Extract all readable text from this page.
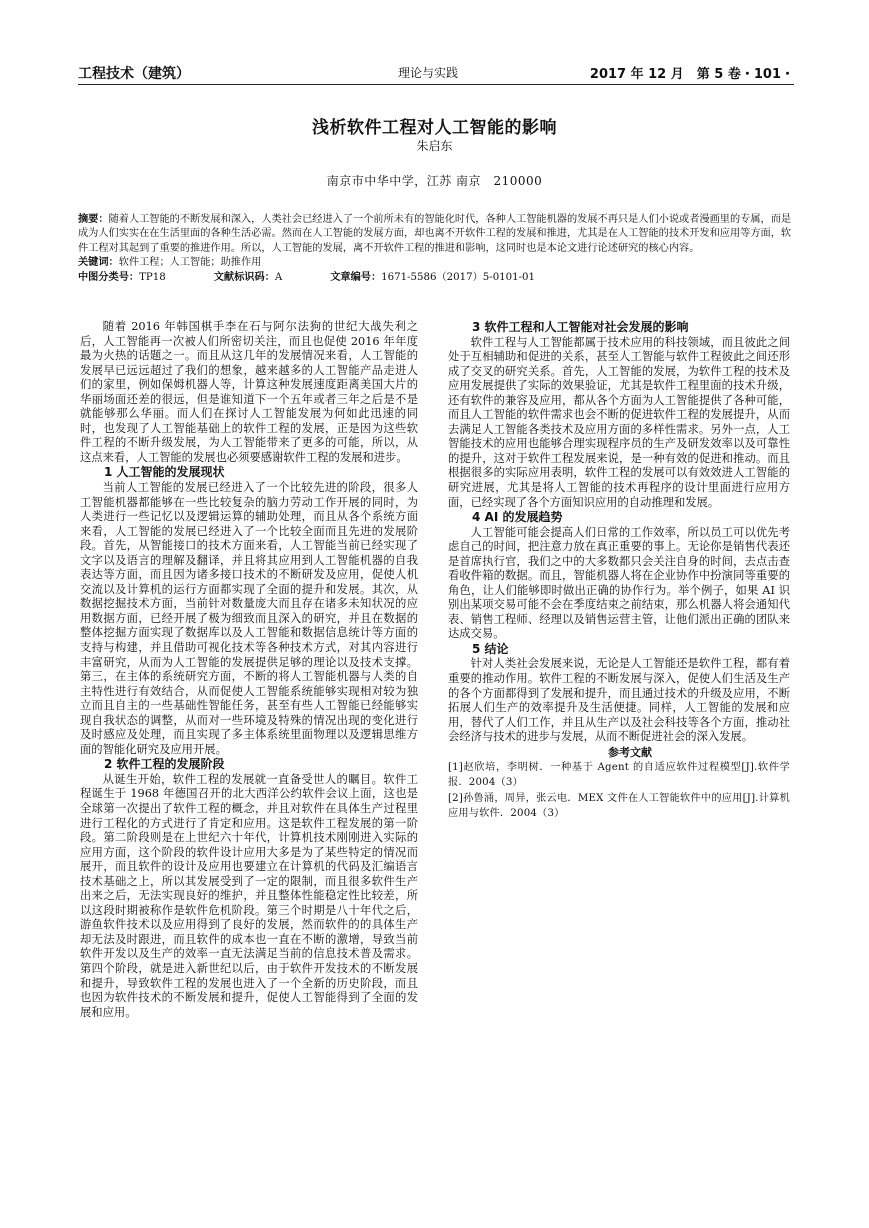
工程技术（建筑）	理论与实践	2017 年 12 月　第 5 卷・101・
浅析软件工程对人工智能的影响
朱启东
南京市中华中学，江苏 南京　210000

摘要：随着人工智能的不断发展和深入，人类社会已经进入了一个前所未有的智能化时代，各种人工智能机器的发展不再只是人们小说或者漫画里的专属，而是成为人们实实在在生活里面的各种生活必需。然而在人工智能的发展方面，却也离不开软件工程的发展和推进，尤其是在人工智能的技术开发和应用等方面，软件工程对其起到了重要的推进作用。所以，人工智能的发展，离不开软件工程的推进和影响，这同时也是本论文进行论述研究的核心内容。

关键词：软件工程；人工智能；助推作用

中图分类号：TP18	文献标识码：A	文章编号：1671-5586（2017）5-0101-01

随着 2016 年韩国棋手李在石与阿尔法狗的世纪大战失利之后，人工智能再一次被人们所密切关注，而且也促使 2016 年年度最为火热的话题之一。而且从这几年的发展情况来看，人工智能的发展早已远远超过了我们的想象，越来越多的人工智能产品走进人们的家里，例如保姆机器人等，计算这种发展速度距离美国大片的华丽场面还差的很远，但是谁知道下一个五年或者三年之后是不是就能够那么华丽。而人们在探讨人工智能发展为何如此迅速的同时，也发现了人工智能基础上的软件工程的发展，正是因为这些软件工程的不断升级发展，为人工智能带来了更多的可能，所以，从这点来看，人工智能的发展也必须要感谢软件工程的发展和进步。

1 人工智能的发展现状

当前人工智能的发展已经进入了一个比较先进的阶段，很多人工智能机器都能够在一些比较复杂的脑力劳动工作开展的同时，为人类进行一些记忆以及逻辑运算的辅助处理，而且从各个系统方面来看，人工智能的发展已经进入了一个比较全面而且先进的发展阶段。首先，从智能接口的技术方面来看，人工智能当前已经实现了文字以及语言的理解及翻译，并且将其应用到人工智能机器的自我表达等方面，而且因为诸多接口技术的不断研发及应用，促使人机交流以及计算机的运行方面都实现了全面的提升和发展。其次，从数据挖掘技术方面，当前针对数量庞大而且存在诸多未知状况的应用数据方面，已经开展了极为细致而且深入的研究，并且在数据的整体挖掘方面实现了数据库以及人工智能和数据信息统计等方面的支持与构建，并且借助可视化技术等各种技术方式，对其内容进行丰富研究，从而为人工智能的发展提供足够的理论以及技术支撑。第三，在主体的系统研究方面，不断的将人工智能机器与人类的自主特性进行有效结合，从而促使人工智能系统能够实现相对较为独立而且自主的一些基础性智能任务，甚至有些人工智能已经能够实现自我状态的调整，从而对一些环境及特殊的情况出现的变化进行及时感应及处理，而且实现了多主体系统里面物理以及逻辑思维方面的智能化研究及应用开展。

2 软件工程的发展阶段

从诞生开始，软件工程的发展就一直备受世人的瞩目。软件工程诞生于 1968 年德国召开的北大西洋公约软件会议上面，这也是全球第一次提出了软件工程的概念，并且对软件在具体生产过程里进行工程化的方式进行了肯定和应用。这是软件工程发展的第一阶段。第二阶段则是在上世纪六十年代，计算机技术刚刚进入实际的应用方面，这个阶段的软件设计应用大多是为了某些特定的情况而展开，而且软件的设计及应用也要建立在计算机的代码及汇编语言技术基础之上，所以其发展受到了一定的限制，而且很多软件生产出来之后，无法实现良好的维护，并且整体性能稳定性比较差，所以这段时期被称作是软件危机阶段。第三个时期是八十年代之后，游鱼软件技术以及应用得到了良好的发展，然而软件的的具体生产却无法及时跟进，而且软件的成本也一直在不断的激增，导致当前软件开发以及生产的效率一直无法满足当前的信息技术普及需求。第四个阶段，就是进入新世纪以后，由于软件开发技术的不断发展和提升，导致软件工程的发展也进入了一个全新的历史阶段，而且也因为软件技术的不断发展和提升，促使人工智能得到了全面的发展和应用。

3 软件工程和人工智能对社会发展的影响

软件工程与人工智能都属于技术应用的科技领域，而且彼此之间处于互相辅助和促进的关系，甚至人工智能与软件工程彼此之间还形成了交叉的研究关系。首先，人工智能的发展，为软件工程的技术及应用发展提供了实际的效果验证，尤其是软件工程里面的技术升级，还有软件的兼容及应用，都从各个方面为人工智能提供了各种可能，而且人工智能的软件需求也会不断的促进软件工程的发展提升，从而去满足人工智能各类技术及应用方面的多样性需求。另外一点，人工智能技术的应用也能够合理实现程序员的生产及研发效率以及可靠性的提升，这对于软件工程发展来说，是一种有效的促进和推动。而且根据很多的实际应用表明，软件工程的发展可以有效效进人工智能的研究进展，尤其是将人工智能的技术再程序的设计里面进行应用方面，已经实现了各个方面知识应用的自动推理和发展。

4 AI 的发展趋势

人工智能可能会提高人们日常的工作效率，所以员工可以优先考虑自己的时间，把注意力放在真正重要的事上。无论你是销售代表还是首席执行官，我们之中的大多数都只会关注自身的时间，去点击查看收件箱的数据。而且，智能机器人将在企业协作中扮演同等重要的角色，让人们能够即时做出正确的协作行为。举个例子，如果 AI 识别出某项交易可能不会在季度结束之前结束，那么机器人将会通知代表、销售工程师、经理以及销售运营主管，让他们派出正确的团队来达成交易。

5 结论

针对人类社会发展来说，无论是人工智能还是软件工程，都有着重要的推动作用。软件工程的不断发展与深入，促使人们生活及生产的各个方面都得到了发展和提升，而且通过技术的升级及应用，不断拓展人们生产的效率提升及生活便捷。同样，人工智能的发展和应用，替代了人们工作，并且从生产以及社会科技等各个方面，推动社会经济与技术的进步与发展，从而不断促进社会的深入发展。

参考文献

[1]赵欣培，李明树．一种基于 Agent 的自适应软件过程模型[J].软件学报．2004（3）

[2]孙鲁涌，周异，张云电．MEX 文件在人工智能软件中的应用[J].计算机应用与软件．2004（3）
